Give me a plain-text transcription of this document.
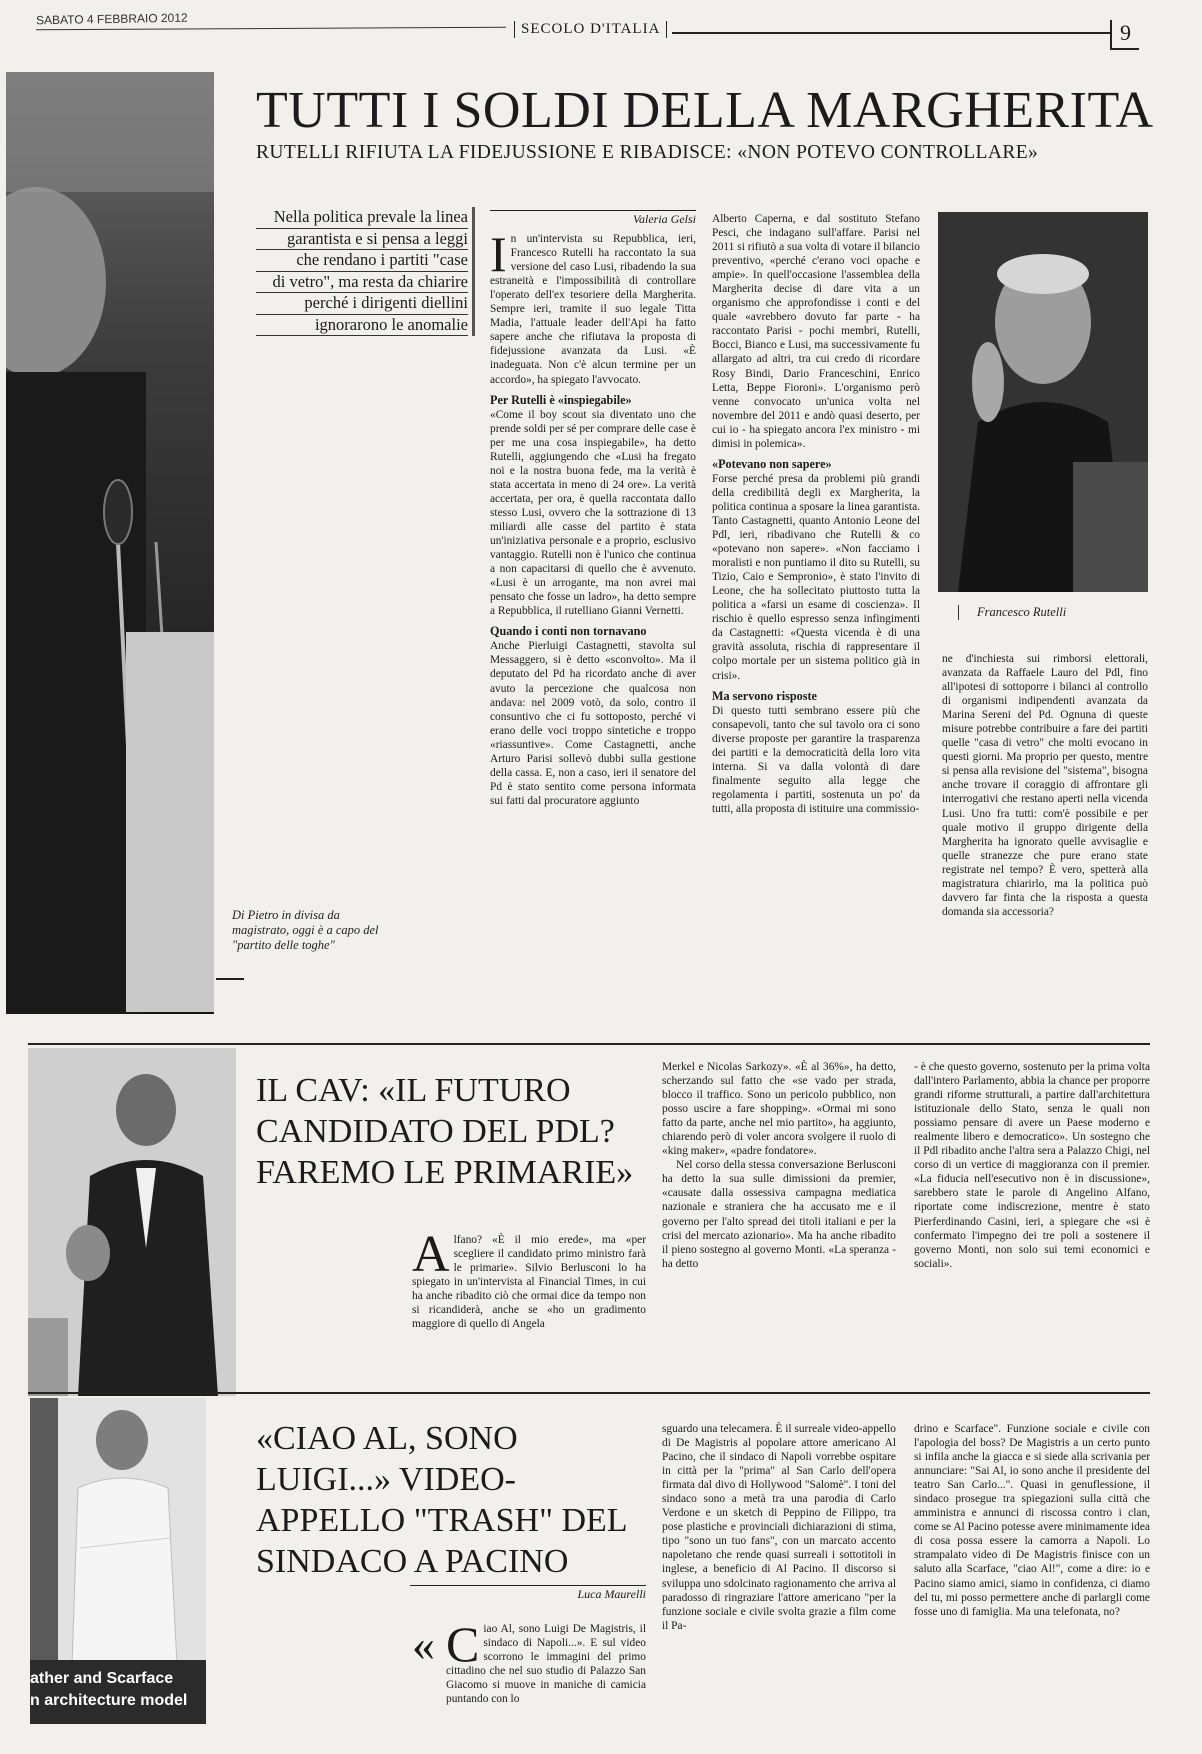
SABATO 4 FEBBRAIO 2012
SECOLO D'ITALIA	9
Di Pietro in divisa da magistrato, oggi è a capo del "partito delle toghe"
TUTTI I SOLDI DELLA MARGHERITA
RUTELLI RIFIUTA LA FIDEJUSSIONE E RIBADISCE: «NON POTEVO CONTROLLARE»
Nella politica prevale la linea
garantista e si pensa a leggi
che rendano i partiti "case
di vetro", ma resta da chiarire
perché i dirigenti diellini
ignorarono le anomalie
Valeria Gelsi

In un'intervista su Repubblica, ieri, Francesco Rutelli ha raccontato la sua versione del caso Lusi, ribadendo la sua estraneità e l'impossibilità di controllare l'operato dell'ex tesoriere della Margherita. Sempre ieri, tramite il suo legale Titta Madia, l'attuale leader dell'Api ha fatto sapere anche che rifiutava la proposta di fidejussione avanzata da Lusi. «È inadeguata. Non c'è alcun termine per un accordo», ha spiegato l'avvocato.

Per Rutelli è «inspiegabile»

«Come il boy scout sia diventato uno che prende soldi per sé per comprare delle case è per me una cosa inspiegabile», ha detto Rutelli, aggiungendo che «Lusi ha fregato noi e la nostra buona fede, ma la verità è stata accertata in meno di 24 ore». La verità accertata, per ora, è quella raccontata dallo stesso Lusi, ovvero che la sottrazione di 13 miliardi alle casse del partito è stata un'iniziativa personale e a proprio, esclusivo vantaggio. Rutelli non è l'unico che continua a non capacitarsi di quello che è avvenuto. «Lusi è un arrogante, ma non avrei mai pensato che fosse un ladro», ha detto sempre a Repubblica, il rutelliano Gianni Vernetti.

Quando i conti non tornavano

Anche Pierluigi Castagnetti, stavolta sul Messaggero, si è detto «sconvolto». Ma il deputato del Pd ha ricordato anche di aver avuto la percezione che qualcosa non andava: nel 2009 votò, da solo, contro il consuntivo che ci fu sottoposto, perché vi erano delle voci troppo sintetiche e troppo «riassuntive». Come Castagnetti, anche Arturo Parisi sollevò dubbi sulla gestione della cassa. E, non a caso, ieri il senatore del Pd è stato sentito come persona informata sui fatti dal procuratore aggiunto

Alberto Caperna, e dal sostituto Stefano Pesci, che indagano sull'affare. Parisi nel 2011 si rifiutò a sua volta di votare il bilancio preventivo, «perché c'erano voci opache e ampie». In quell'occasione l'assemblea della Margherita decise di dare vita a un organismo che approfondisse i conti e del quale «avrebbero dovuto far parte - ha raccontato Parisi - pochi membri, Rutelli, Bocci, Bianco e Lusi, ma successivamente fu allargato ad altri, tra cui credo di ricordare Rosy Bindi, Dario Franceschini, Enrico Letta, Beppe Fioroni». L'organismo però venne convocato un'unica volta nel novembre del 2011 e andò quasi deserto, per cui io - ha spiegato ancora l'ex ministro - mi dimisi in polemica».

«Potevano non sapere»

Forse perché presa da problemi più grandi della credibilità degli ex Margherita, la politica continua a sposare la linea garantista. Tanto Castagnetti, quanto Antonio Leone del Pdl, ieri, ribadivano che Rutelli & co «potevano non sapere». «Non facciamo i moralisti e non puntiamo il dito su Rutelli, su Tizio, Caio e Sempronio», è stato l'invito di Leone, che ha sollecitato piuttosto tutta la politica a «farsi un esame di coscienza». Il rischio è quello espresso senza infingimenti da Castagnetti: «Questa vicenda è di una gravità assoluta, rischia di rappresentare il colpo mortale per un sistema politico già in crisi».

Ma servono risposte

Di questo tutti sembrano essere più che consapevoli, tanto che sul tavolo ora ci sono diverse proposte per garantire la trasparenza dei partiti e la democraticità della loro vita interna. Si va dalla volontà di dare finalmente seguito alla legge che regolamenta i partiti, sostenuta un po' da tutti, alla proposta di istituire una commissio-

Francesco Rutelli

ne d'inchiesta sui rimborsi elettorali, avanzata da Raffaele Lauro del Pdl, fino all'ipotesi di sottoporre i bilanci al controllo di organismi indipendenti avanzata da Marina Sereni del Pd. Ognuna di queste misure potrebbe contribuire a fare dei partiti quelle "casa di vetro" che molti evocano in questi giorni. Ma proprio per questo, mentre si pensa alla revisione del "sistema", bisogna anche trovare il coraggio di affrontare gli interrogativi che restano aperti nella vicenda Lusi. Uno fra tutti: com'è possibile e per quale motivo il gruppo dirigente della Margherita ha ignorato quelle avvisaglie e quelle stranezze che pure erano state registrate nel tempo? È vero, spetterà alla magistratura chiarirlo, ma la politica può davvero far finta che la risposta a questa domanda sia accessoria?

IL CAV: «IL FUTURO CANDIDATO DEL PDL? FAREMO LE PRIMARIE»
A lfano? «È il mio erede», ma «per scegliere il candidato primo ministro farà le primarie». Silvio Berlusconi lo ha spiegato in un'intervista al Financial Times, in cui ha anche ribadito ciò che ormai dice da tempo non si ricandiderà, anche se «ho un gradimento maggiore di quello di Angela

Merkel e Nicolas Sarkozy». «È al 36%», ha detto, scherzando sul fatto che «se vado per strada, blocco il traffico. Sono un pericolo pubblico, non posso uscire a fare shopping». «Ormai mi sono fatto da parte, anche nel mio partito», ha aggiunto, chiarendo però di voler ancora svolgere il ruolo di «king maker», «padre fondatore».

Nel corso della stessa conversazione Berlusconi ha detto la sua sulle dimissioni da premier, «causate dalla ossessiva campagna mediatica nazionale e straniera che ha accusato me e il governo per l'alto spread dei titoli italiani e per la crisi del mercato azionario». Ma ha anche ribadito il pieno sostegno al governo Monti. «La speranza - ha detto

- è che questo governo, sostenuto per la prima volta dall'intero Parlamento, abbia la chance per proporre grandi riforme strutturali, a partire dall'architettura istituzionale dello Stato, senza le quali non possiamo pensare di avere un Paese moderno e realmente libero e democratico». Un sostegno che il Pdl ribadito anche l'altra sera a Palazzo Chigi, nel corso di un vertice di maggioranza con il premier. «La fiducia nell'esecutivo non è in discussione», sarebbero state le parole di Angelino Alfano, riportate come indiscrezione, mentre è stato Pierferdinando Casini, ieri, a spiegare che «si è confermato l'impegno dei tre poli a sostenere il governo Monti, non solo sui temi economici e sociali».

ather and Scarface
n architecture model
«CIAO AL, SONO LUIGI...» VIDEO-APPELLO "TRASH" DEL SINDACO A PACINO
Luca Maurelli
« C iao Al, sono Luigi De Magistris, il sindaco di Napoli...». E sul video scorrono le immagini del primo cittadino che nel suo studio di Palazzo San Giacomo si muove in maniche di camicia puntando con lo

sguardo una telecamera. È il surreale video-appello di De Magistris al popolare attore americano Al Pacino, che il sindaco di Napoli vorrebbe ospitare in città per la "prima" al San Carlo dell'opera firmata dal divo di Hollywood "Salomè". I toni del sindaco sono a metà tra una parodia di Carlo Verdone e un sketch di Peppino de Filippo, tra pose plastiche e provinciali dichiarazioni di stima, tipo "sono un tuo fans", con un marcato accento napoletano che rende quasi surreali i sottotitoli in inglese, a beneficio di Al Pacino. Il discorso si sviluppa uno sdolcinato ragionamento che arriva al paradosso di ringraziare l'attore americano "per la funzione sociale e civile svolta grazie a film come il Pa-

drino e Scarface". Funzione sociale e civile con l'apologia del boss? De Magistris a un certo punto si infila anche la giacca e si siede alla scrivania per annunciare: "Sai Al, io sono anche il presidente del teatro San Carlo...". Quasi in genuflessione, il sindaco prosegue tra spiegazioni sulla città che amministra e annunci di riscossa contro i clan, come se Al Pacino potesse avere minimamente idea di cosa possa essere la camorra a Napoli. Lo strampalato video di De Magistris finisce con un saluto alla Scarface, "ciao Al!", come a dire: io e Pacino siamo amici, siamo in confidenza, ci diamo del tu, mi posso permettere anche di parlargli come fosse uno di famiglia. Ma una telefonata, no?
